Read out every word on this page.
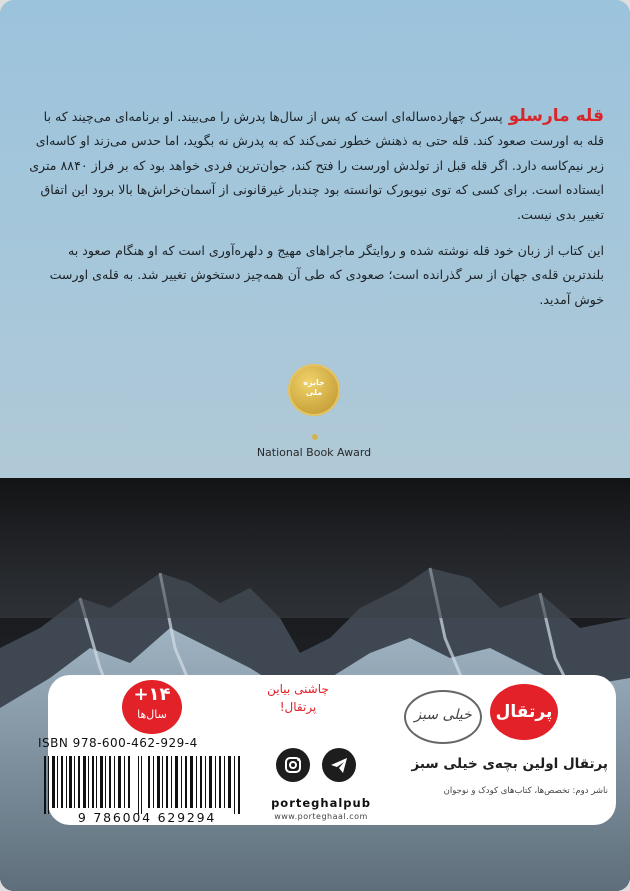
قله مارسلوپسرک چهارده‌ساله‌ای است که پس از سال‌ها پدرش را می‌بیند. او برنامه‌ای می‌چیند که با قله به اورست صعود کند. قله حتی به ذهنش خطور نمی‌کند که به پدرش نه بگوید، اما حدس می‌زند او کاسه‌ای زیر نیم‌کاسه دارد. اگر قله قبل از تولدش اورست را فتح کند، جوان‌ترین فردی خواهد بود که بر فراز ۸۸۴۰ متری ایستاده است. برای کسی که توی نیویورک توانسته بود چندبار غیرقانونی از آسمان‌خراش‌ها بالا برود این اتفاق تغییر بدی نیست.

این کتاب از زبان خود قله نوشته شده و روایتگر ماجراهای مهیج و دلهره‌آوری است که او هنگام صعود به بلندترین قله‌ی جهان از سر گذرانده است؛ صعودی که طی آن همه‌چیز دستخوش تغییر شد. به قله‌ی اورست خوش آمدید.

جایزه ملی
National Book Award
+۱۴
سال‌ها
ISBN 978-600-462-929-4
9 786004 629294
چاشنی بیاین پرتقال!
porteghalpub
www.porteghaal.com
خیلی سبز	پرتقال
پرتقال اولین بچه‌ی خیلی سبز
ناشر دوم: تخصص‌ها، کتاب‌های کودک و نوجوان
